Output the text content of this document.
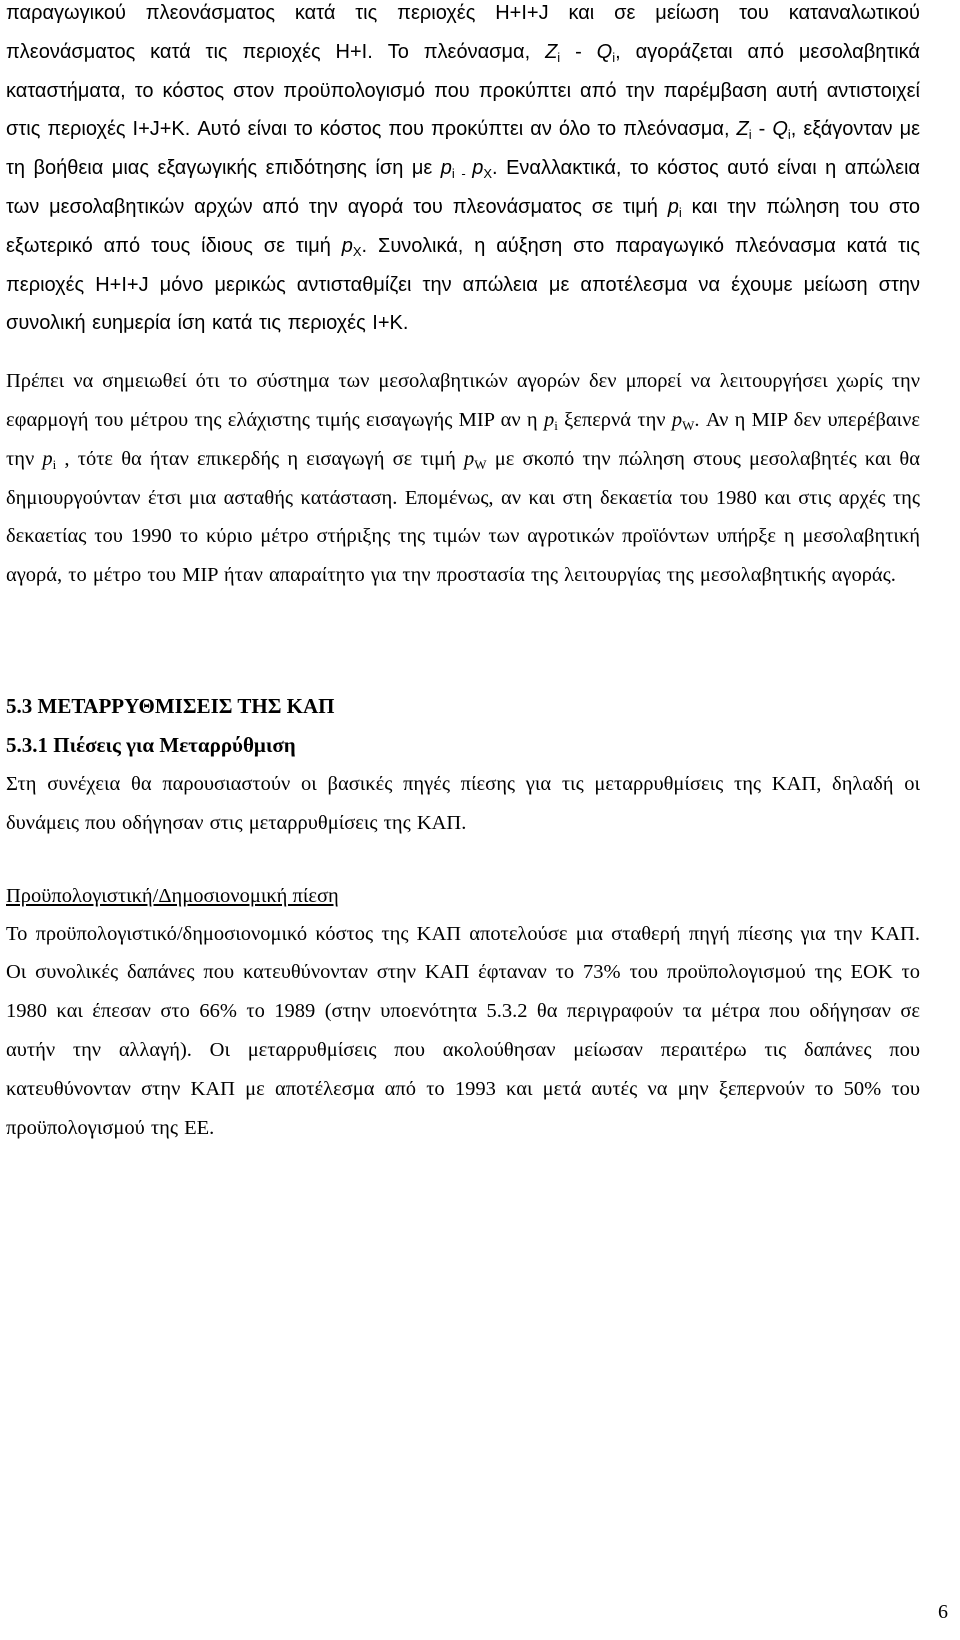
παραγωγικού πλεονάσματος κατά τις περιοχές H+I+J και σε μείωση του καταναλωτικού πλεονάσματος κατά τις περιοχές H+I. Το πλεόνασμα, $Z_i - Q_i$, αγοράζεται από μεσολαβητικά καταστήματα, το κόστος στον προϋπολογισμό που προκύπτει από την παρέμβαση αυτή αντιστοιχεί στις περιοχές I+J+K. Αυτό είναι το κόστος που προκύπτει αν όλο το πλεόνασμα, $Z_i - Q_i$, εξάγονταν με τη βοήθεια μιας εξαγωγικής επιδότησης ίση με $p_{i -}$ $p_X$. Εναλλακτικά, το κόστος αυτό είναι η απώλεια των μεσολαβητικών αρχών από την αγορά του πλεονάσματος σε τιμή $p_i$ και την πώληση του στο εξωτερικό από τους ίδιους σε τιμή $p_X$. Συνολικά, η αύξηση στο παραγωγικό πλεόνασμα κατά τις περιοχές H+I+J μόνο μερικώς αντισταθμίζει την απώλεια με αποτέλεσμα να έχουμε μείωση στην συνολική ευημερία ίση κατά τις περιοχές I+K.

Πρέπει να σημειωθεί ότι το σύστημα των μεσολαβητικών αγορών δεν μπορεί να λειτουργήσει χωρίς την εφαρμογή του μέτρου της ελάχιστης τιμής εισαγωγής MIP αν η $p_i$ ξεπερνά την $p_W$. Αν η MIP δεν υπερέβαινε την $p_i$ , τότε θα ήταν επικερδής η εισαγωγή σε τιμή $p_W$ με σκοπό την πώληση στους μεσολαβητές και θα δημιουργούνταν έτσι μια ασταθής κατάσταση. Επομένως, αν και στη δεκαετία του 1980 και στις αρχές της δεκαετίας του 1990 το κύριο μέτρο στήριξης της τιμών των αγροτικών προϊόντων υπήρξε η μεσολαβητική αγορά, το μέτρο του MIP ήταν απαραίτητο για την προστασία της λειτουργίας της μεσολαβητικής αγοράς.

5.3 ΜΕΤΑΡΡΥΘΜΙΣΕΙΣ ΤΗΣ ΚΑΠ
5.3.1 Πιέσεις για Μεταρρύθμιση

Στη συνέχεια θα παρουσιαστούν οι βασικές πηγές πίεσης για τις μεταρρυθμίσεις της ΚΑΠ, δηλαδή οι δυνάμεις που οδήγησαν στις μεταρρυθμίσεις της ΚΑΠ.

Προϋπολογιστική/Δημοσιονομική πίεση

Το προϋπολογιστικό/δημοσιονομικό κόστος της ΚΑΠ αποτελούσε μια σταθερή πηγή πίεσης για την ΚΑΠ. Οι συνολικές δαπάνες που κατευθύνονταν στην ΚΑΠ έφταναν το 73% του προϋπολογισμού της ΕΟΚ το 1980 και έπεσαν στο 66% το 1989 (στην υποενότητα 5.3.2 θα περιγραφούν τα μέτρα που οδήγησαν σε αυτήν την αλλαγή). Οι μεταρρυθμίσεις που ακολούθησαν μείωσαν περαιτέρω τις δαπάνες που κατευθύνονταν στην ΚΑΠ με αποτέλεσμα από το 1993 και μετά αυτές να μην ξεπερνούν το 50% του προϋπολογισμού της ΕΕ.

6
